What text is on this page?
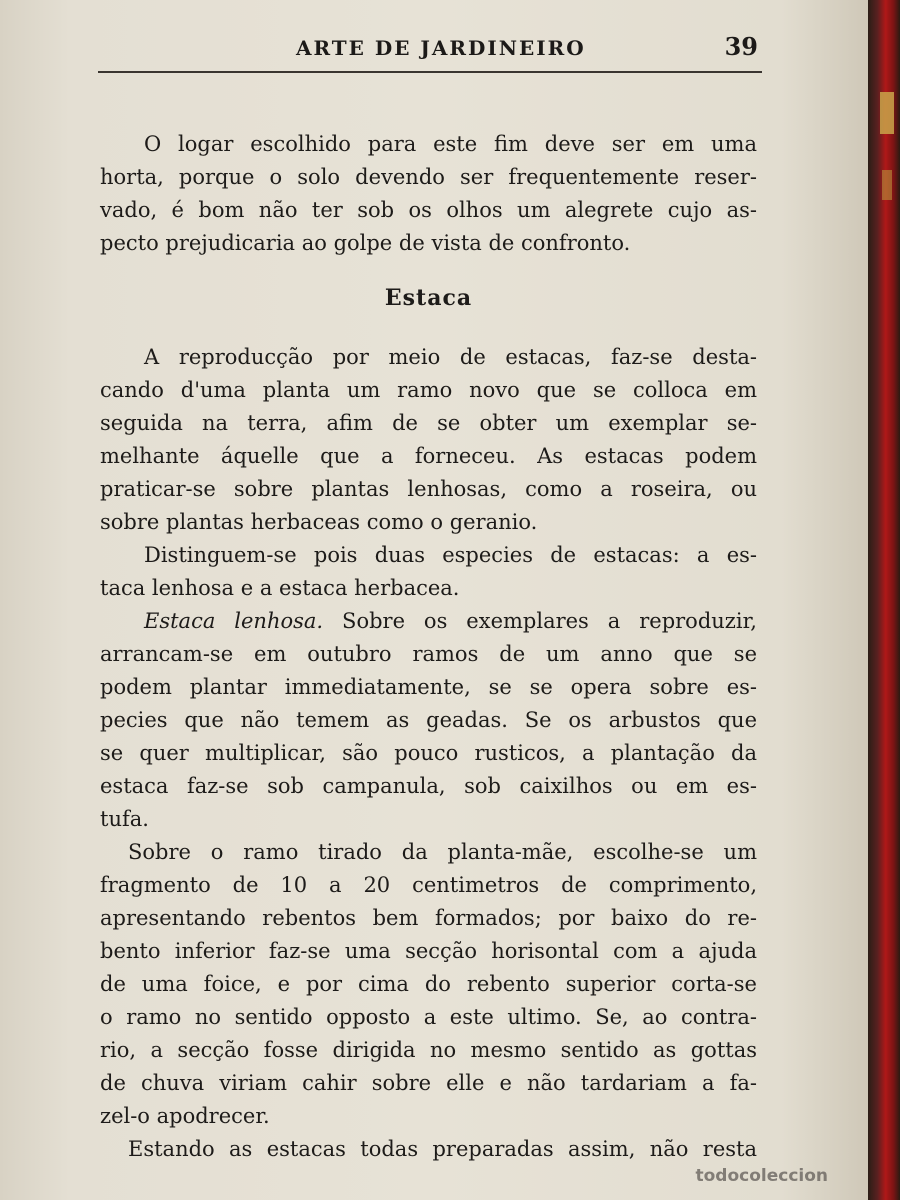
ARTE DE JARDINEIRO	39
O logar escolhido para este fim deve ser em uma
horta, porque o solo devendo ser frequentemente reser-
vado, é bom não ter sob os olhos um alegrete cujo as-
pecto prejudicaria ao golpe de vista de confronto.
Estaca
A reproducção por meio de estacas, faz-se desta-
cando d'uma planta um ramo novo que se colloca em
seguida na terra, afim de se obter um exemplar se-
melhante áquelle que a forneceu. As estacas podem
praticar-se sobre plantas lenhosas, como a roseira, ou
sobre plantas herbaceas como o geranio.
Distinguem-se pois duas especies de estacas: a es-
taca lenhosa e a estaca herbacea.
Estaca lenhosa. Sobre os exemplares a reproduzir,
arrancam-se em outubro ramos de um anno que se
podem plantar immediatamente, se se opera sobre es-
pecies que não temem as geadas. Se os arbustos que
se quer multiplicar, são pouco rusticos, a plantação da
estaca faz-se sob campanula, sob caixilhos ou em es-
tufa.
Sobre o ramo tirado da planta-mãe, escolhe-se um
fragmento de 10 a 20 centimetros de comprimento,
apresentando rebentos bem formados; por baixo do re-
bento inferior faz-se uma secção horisontal com a ajuda
de uma foice, e por cima do rebento superior corta-se
o ramo no sentido opposto a este ultimo. Se, ao contra-
rio, a secção fosse dirigida no mesmo sentido as gottas
de chuva viriam cahir sobre elle e não tardariam a fa-
zel-o apodrecer.
Estando as estacas todas preparadas assim, não resta
todocoleccion
